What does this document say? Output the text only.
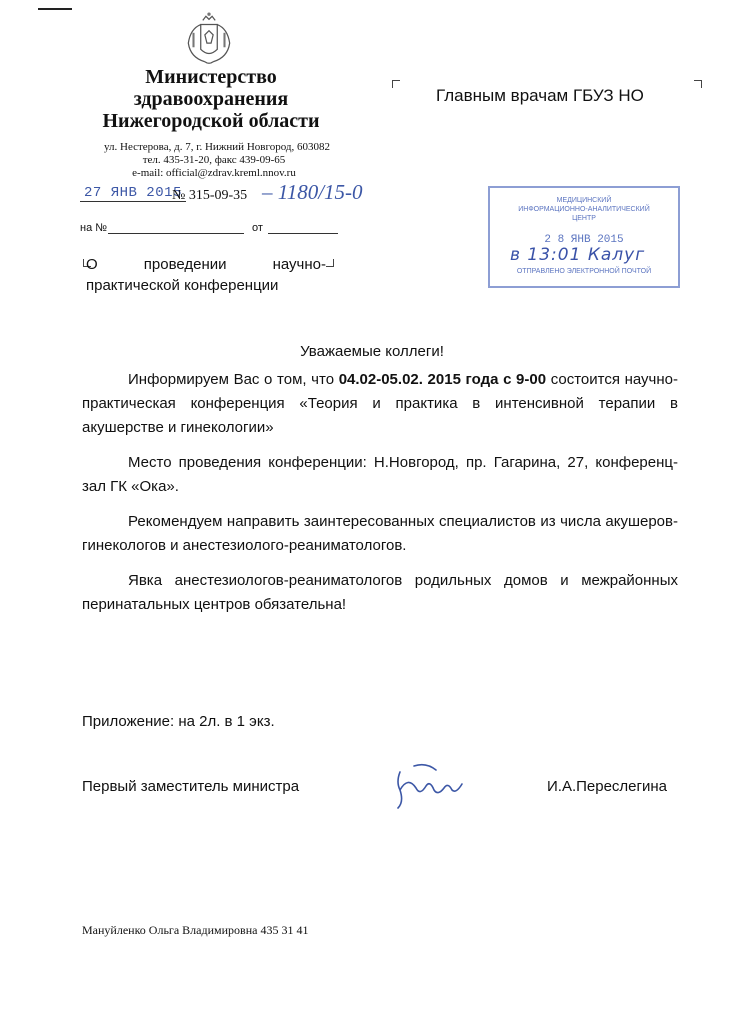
Министерство
здравоохранения
Нижегородской области
ул. Нестерова, д. 7, г. Нижний Новгород, 603082
тел. 435-31-20, факс 439-09-65
e-mail: official@zdrav.kreml.nnov.ru
Главным врачам ГБУЗ НО
27 ЯНВ 2015
№ 315-09-35 – 1180/15-0
на №	от
О проведении научно-практической конференции
МЕДИЦИНСКИЙ
ИНФОРМАЦИОННО-АНАЛИТИЧЕСКИЙ
ЦЕНТР
2 8 ЯНВ 2015
в 13:01 Калуг
ОТПРАВЛЕНО ЭЛЕКТРОННОЙ ПОЧТОЙ
Уважаемые коллеги!

Информируем Вас о том, что 04.02-05.02. 2015 года с 9-00 состоится научно-практическая конференция «Теория и практика в интенсивной терапии в акушерстве и гинекологии»

Место проведения конференции: Н.Новгород, пр. Гагарина, 27, конференц-зал ГК «Ока».

Рекомендуем направить заинтересованных специалистов из числа акушеров-гинекологов и анестезиолого-реаниматологов.

Явка анестезиологов-реаниматологов родильных домов и межрайонных перинатальных центров обязательна!

Приложение: на 2л. в 1 экз.
Первый заместитель министра	И.А.Переслегина
Мануйленко Ольга Владимировна 435 31 41
